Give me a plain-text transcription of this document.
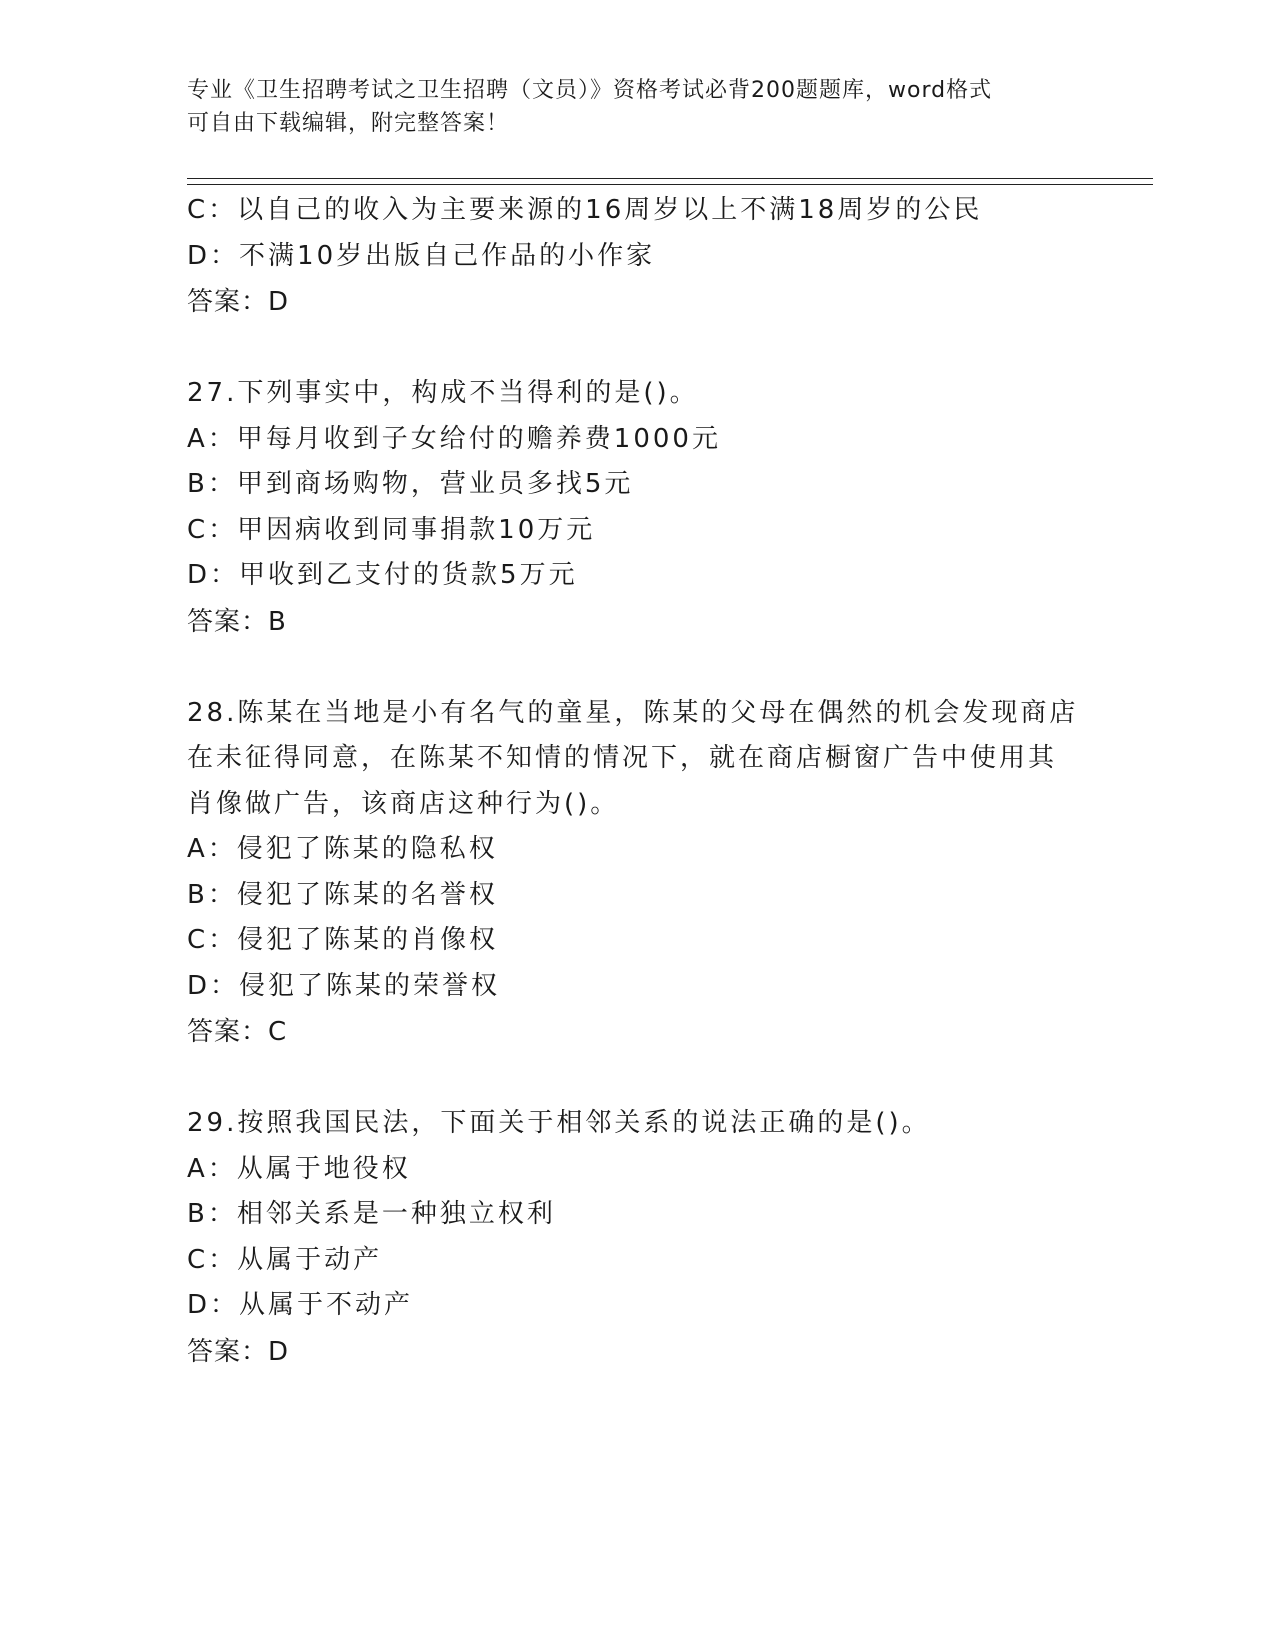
专业《卫生招聘考试之卫生招聘（文员）》资格考试必背200题题库，word格式
可自由下载编辑，附完整答案！
C：以自己的收入为主要来源的16周岁以上不满18周岁的公民
D：不满10岁出版自己作品的小作家
答案：D
27.下列事实中，构成不当得利的是()。
A：甲每月收到子女给付的赡养费1000元
B：甲到商场购物，营业员多找5元
C：甲因病收到同事捐款10万元
D：甲收到乙支付的货款5万元
答案：B
28.陈某在当地是小有名气的童星，陈某的父母在偶然的机会发现商店
在未征得同意，在陈某不知情的情况下，就在商店橱窗广告中使用其
肖像做广告，该商店这种行为()。
A：侵犯了陈某的隐私权
B：侵犯了陈某的名誉权
C：侵犯了陈某的肖像权
D：侵犯了陈某的荣誉权
答案：C
29.按照我国民法，下面关于相邻关系的说法正确的是()。
A：从属于地役权
B：相邻关系是一种独立权利
C：从属于动产
D：从属于不动产
答案：D
